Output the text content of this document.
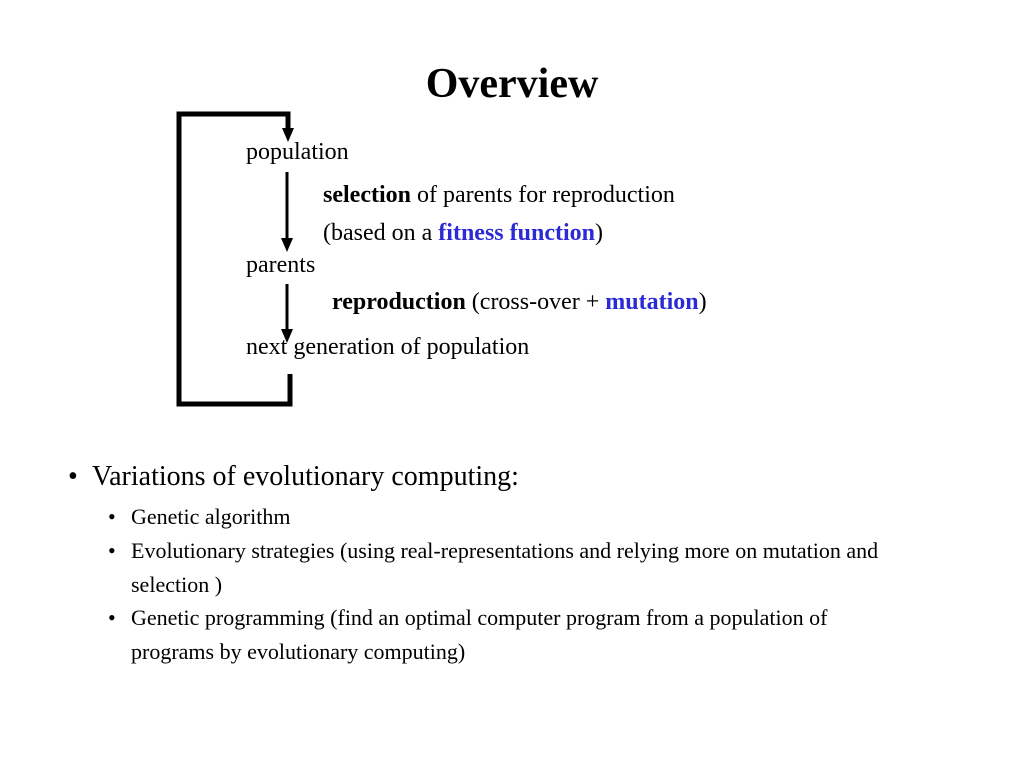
Overview
population
selection of parents for reproduction
(based on a fitness function)
parents
reproduction (cross-over + mutation)
next generation of population
• Variations of evolutionary computing:
• Genetic algorithm
• Evolutionary strategies (using real-representations and relying more on mutation and selection )
• Genetic programming (find an optimal computer program from a population of programs by evolutionary computing)
